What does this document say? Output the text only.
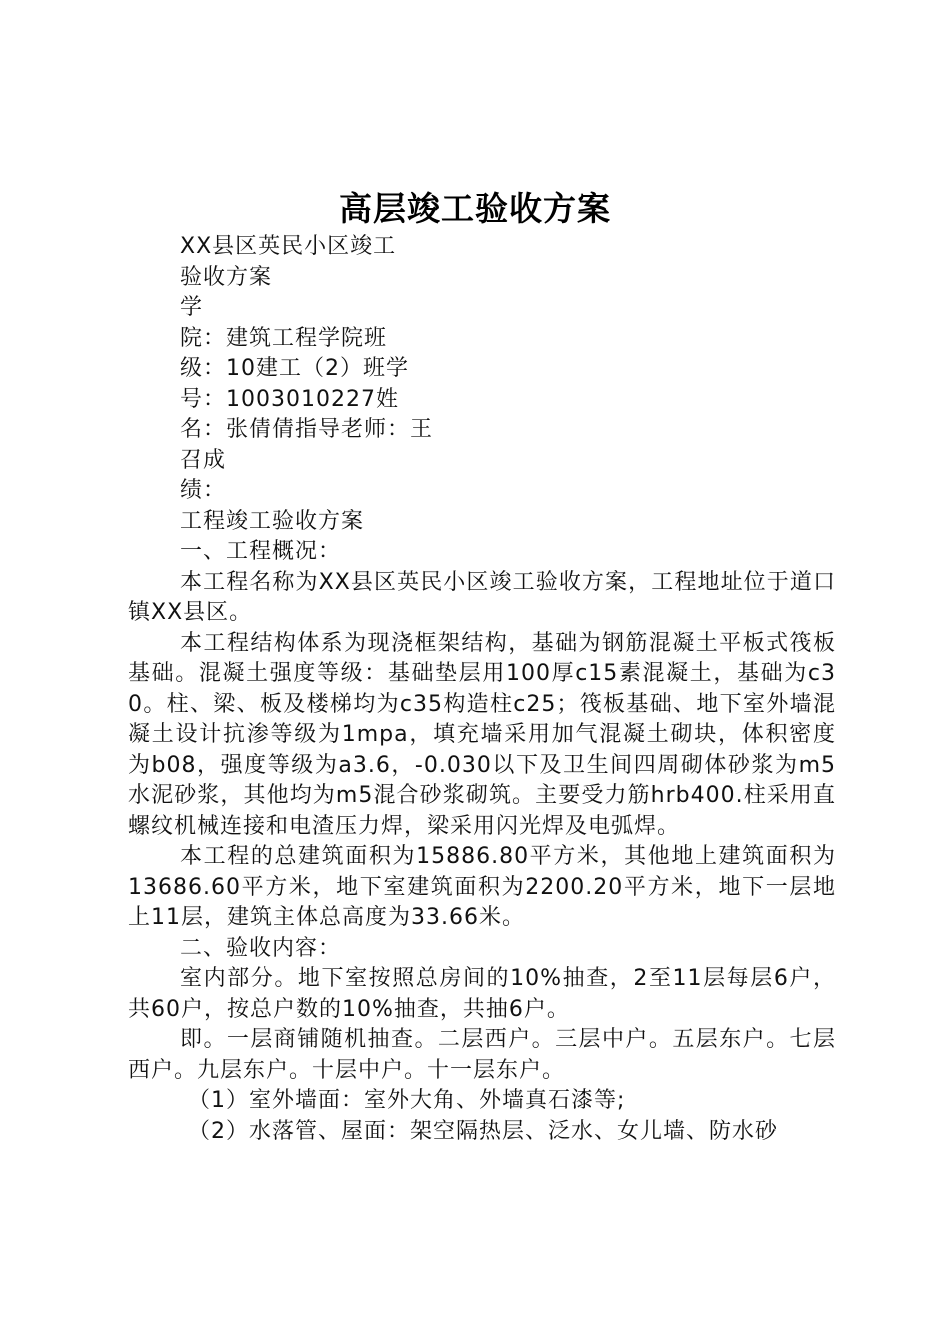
高层竣工验收方案

XX县区英民小区竣工

验收方案

学

院：建筑工程学院班

级：10建工（2）班学

号：1003010227姓

名：张倩倩指导老师：王

召成

绩：

工程竣工验收方案

一、工程概况：

本工程名称为XX县区英民小区竣工验收方案，工程地址位于道口镇XX县区。

本工程结构体系为现浇框架结构，基础为钢筋混凝土平板式筏板基础。混凝土强度等级：基础垫层用100厚c15素混凝土，基础为c30。柱、梁、板及楼梯均为c35构造柱c25；筏板基础、地下室外墙混凝土设计抗渗等级为1mpa，填充墙采用加气混凝土砌块，体积密度为b08，强度等级为a3.6，-0.030以下及卫生间四周砌体砂浆为m5水泥砂浆，其他均为m5混合砂浆砌筑。主要受力筋hrb400.柱采用直螺纹机械连接和电渣压力焊，梁采用闪光焊及电弧焊。

本工程的总建筑面积为15886.80平方米，其他地上建筑面积为13686.60平方米，地下室建筑面积为2200.20平方米，地下一层地上11层，建筑主体总高度为33.66米。

二、验收内容：

室内部分。地下室按照总房间的10%抽查，2至11层每层6户，共60户，按总户数的10%抽查，共抽6户。

即。一层商铺随机抽查。二层西户。三层中户。五层东户。七层西户。九层东户。十层中户。十一层东户。

（1）室外墙面：室外大角、外墙真石漆等;

（2）水落管、屋面：架空隔热层、泛水、女儿墙、防水砂
